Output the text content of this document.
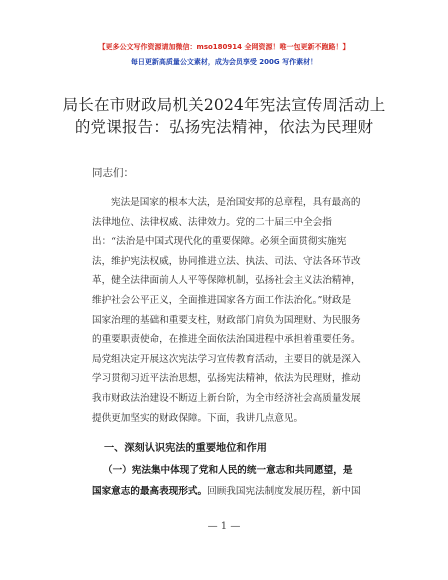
【更多公文写作资源请加微信：mso180914 全网资源！唯一包更新不跑路！】
每日更新高质量公文素材，成为会员享受 200G 写作素材！
局长在市财政局机关2024年宪法宣传周活动上
的党课报告：弘扬宪法精神，依法为民理财
同志们：
宪法是国家的根本大法，是治国安邦的总章程，具有最高的
法律地位、法律权威、法律效力。党的二十届三中全会指
出：“法治是中国式现代化的重要保障。必须全面贯彻实施宪
法，维护宪法权威，协同推进立法、执法、司法、守法各环节改
革，健全法律面前人人平等保障机制，弘扬社会主义法治精神，
维护社会公平正义，全面推进国家各方面工作法治化。”财政是
国家治理的基础和重要支柱，财政部门肩负为国理财、为民服务
的重要职责使命，在推进全面依法治国进程中承担着重要任务。
局党组决定开展这次宪法学习宣传教育活动，主要目的就是深入
学习贯彻习近平法治思想，弘扬宪法精神，依法为民理财，推动
我市财政法治建设不断迈上新台阶，为全市经济社会高质量发展
提供更加坚实的财政保障。下面，我讲几点意见。
一、深刻认识宪法的重要地位和作用
（一）宪法集中体现了党和人民的统一意志和共同愿望，是
国家意志的最高表现形式。回顾我国宪法制度发展历程，新中国
— 1 —
